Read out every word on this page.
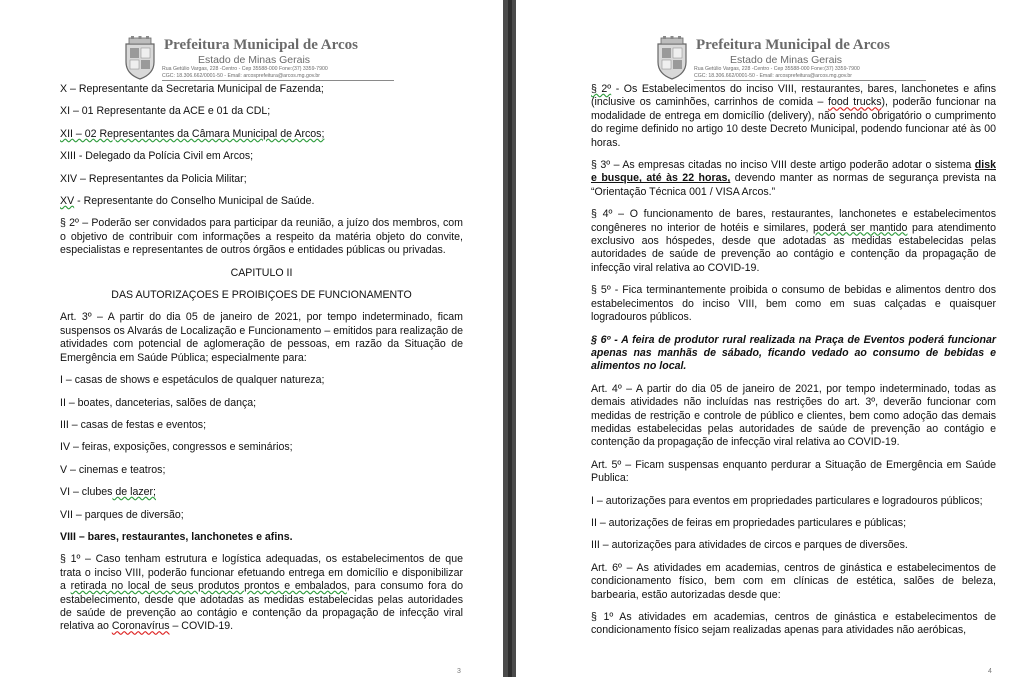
Prefeitura Municipal de Arcos
Estado de Minas Gerais
Rua Getúlio Vargas, 228 -Centro - Cep 35588-000 Fone:(37) 3359-7900
CGC: 18.306.662/0001-50 - Email: arcosprefeitura@arcos.mg.gov.br

X – Representante da Secretaria Municipal de Fazenda;

XI – 01 Representante da ACE e 01 da CDL;

XII – 02 Representantes da Câmara Municipal de Arcos;

XIII - Delegado da Polícia Civil em Arcos;

XIV – Representantes da Policia Militar;

XV - Representante do Conselho Municipal de Saúde.

§ 2º – Poderão ser convidados para participar da reunião, a juízo dos membros, com o objetivo de contribuir com informações a respeito da matéria objeto do convite, especialistas e representantes de outros órgãos e entidades públicas ou privadas.

CAPITULO II

DAS AUTORIZAÇOES E PROIBIÇOES DE FUNCIONAMENTO

Art. 3º – A partir do dia 05 de janeiro de 2021, por tempo indeterminado, ficam suspensos os Alvarás de Localização e Funcionamento – emitidos para realização de atividades com potencial de aglomeração de pessoas, em razão da Situação de Emergência em Saúde Pública; especialmente para:

I – casas de shows e espetáculos de qualquer natureza;

II – boates, danceterias, salões de dança;

III – casas de festas e eventos;

IV – feiras, exposições, congressos e seminários;

V – cinemas e teatros;

VI – clubes de lazer;

VII – parques de diversão;

VIII – bares, restaurantes, lanchonetes e afins.

§ 1º – Caso tenham estrutura e logística adequadas, os estabelecimentos de que trata o inciso VIII, poderão funcionar efetuando entrega em domicílio e disponibilizar a retirada no local de seus produtos prontos e embalados, para consumo fora do estabelecimento, desde que adotadas as medidas estabelecidas pelas autoridades de saúde de prevenção ao contágio e contenção da propagação de infecção viral relativa ao Coronavírus – COVID-19.

3
Prefeitura Municipal de Arcos
Estado de Minas Gerais
Rua Getúlio Vargas, 228 -Centro - Cep 35588-000 Fone:(37) 3359-7900
CGC: 18.306.662/0001-50 - Email: arcosprefeitura@arcos.mg.gov.br

§ 2º - Os Estabelecimentos do inciso VIII, restaurantes, bares, lanchonetes e afins (inclusive os caminhões, carrinhos de comida – food trucks), poderão funcionar na modalidade de entrega em domicílio (delivery), não sendo obrigatório o cumprimento do regime definido no artigo 10 deste Decreto Municipal, podendo funcionar até às 00 horas.

§ 3º – As empresas citadas no inciso VIII deste artigo poderão adotar o sistema disk e busque, até às 22 horas, devendo manter as normas de segurança prevista na “Orientação Técnica 001 / VISA Arcos.”

§ 4º – O funcionamento de bares, restaurantes, lanchonetes e estabelecimentos congêneres no interior de hotéis e similares, poderá ser mantido para atendimento exclusivo aos hóspedes, desde que adotadas as medidas estabelecidas pelas autoridades de saúde de prevenção ao contágio e contenção da propagação de infecção viral relativa ao COVID-19.

§ 5º - Fica terminantemente proibida o consumo de bebidas e alimentos dentro dos estabelecimentos do inciso VIII, bem como em suas calçadas e quaisquer logradouros públicos.

§ 6º - A feira de produtor rural realizada na Praça de Eventos poderá funcionar apenas nas manhãs de sábado, ficando vedado ao consumo de bebidas e alimentos no local.

Art. 4º – A partir do dia 05 de janeiro de 2021, por tempo indeterminado, todas as demais atividades não incluídas nas restrições do art. 3º, deverão funcionar com medidas de restrição e controle de público e clientes, bem como adoção das demais medidas estabelecidas pelas autoridades de saúde de prevenção ao contágio e contenção da propagação de infecção viral relativa ao COVID-19.

Art. 5º – Ficam suspensas enquanto perdurar a Situação de Emergência em Saúde Publica:

I – autorizações para eventos em propriedades particulares e logradouros públicos;

II – autorizações de feiras em propriedades particulares e públicas;

III – autorizações para atividades de circos e parques de diversões.

Art. 6º – As atividades em academias, centros de ginástica e estabelecimentos de condicionamento físico, bem com em clínicas de estética, salões de beleza, barbearia, estão autorizadas desde que:

§ 1º As atividades em academias, centros de ginástica e estabelecimentos de condicionamento físico sejam realizadas apenas para atividades não aeróbicas,

4
